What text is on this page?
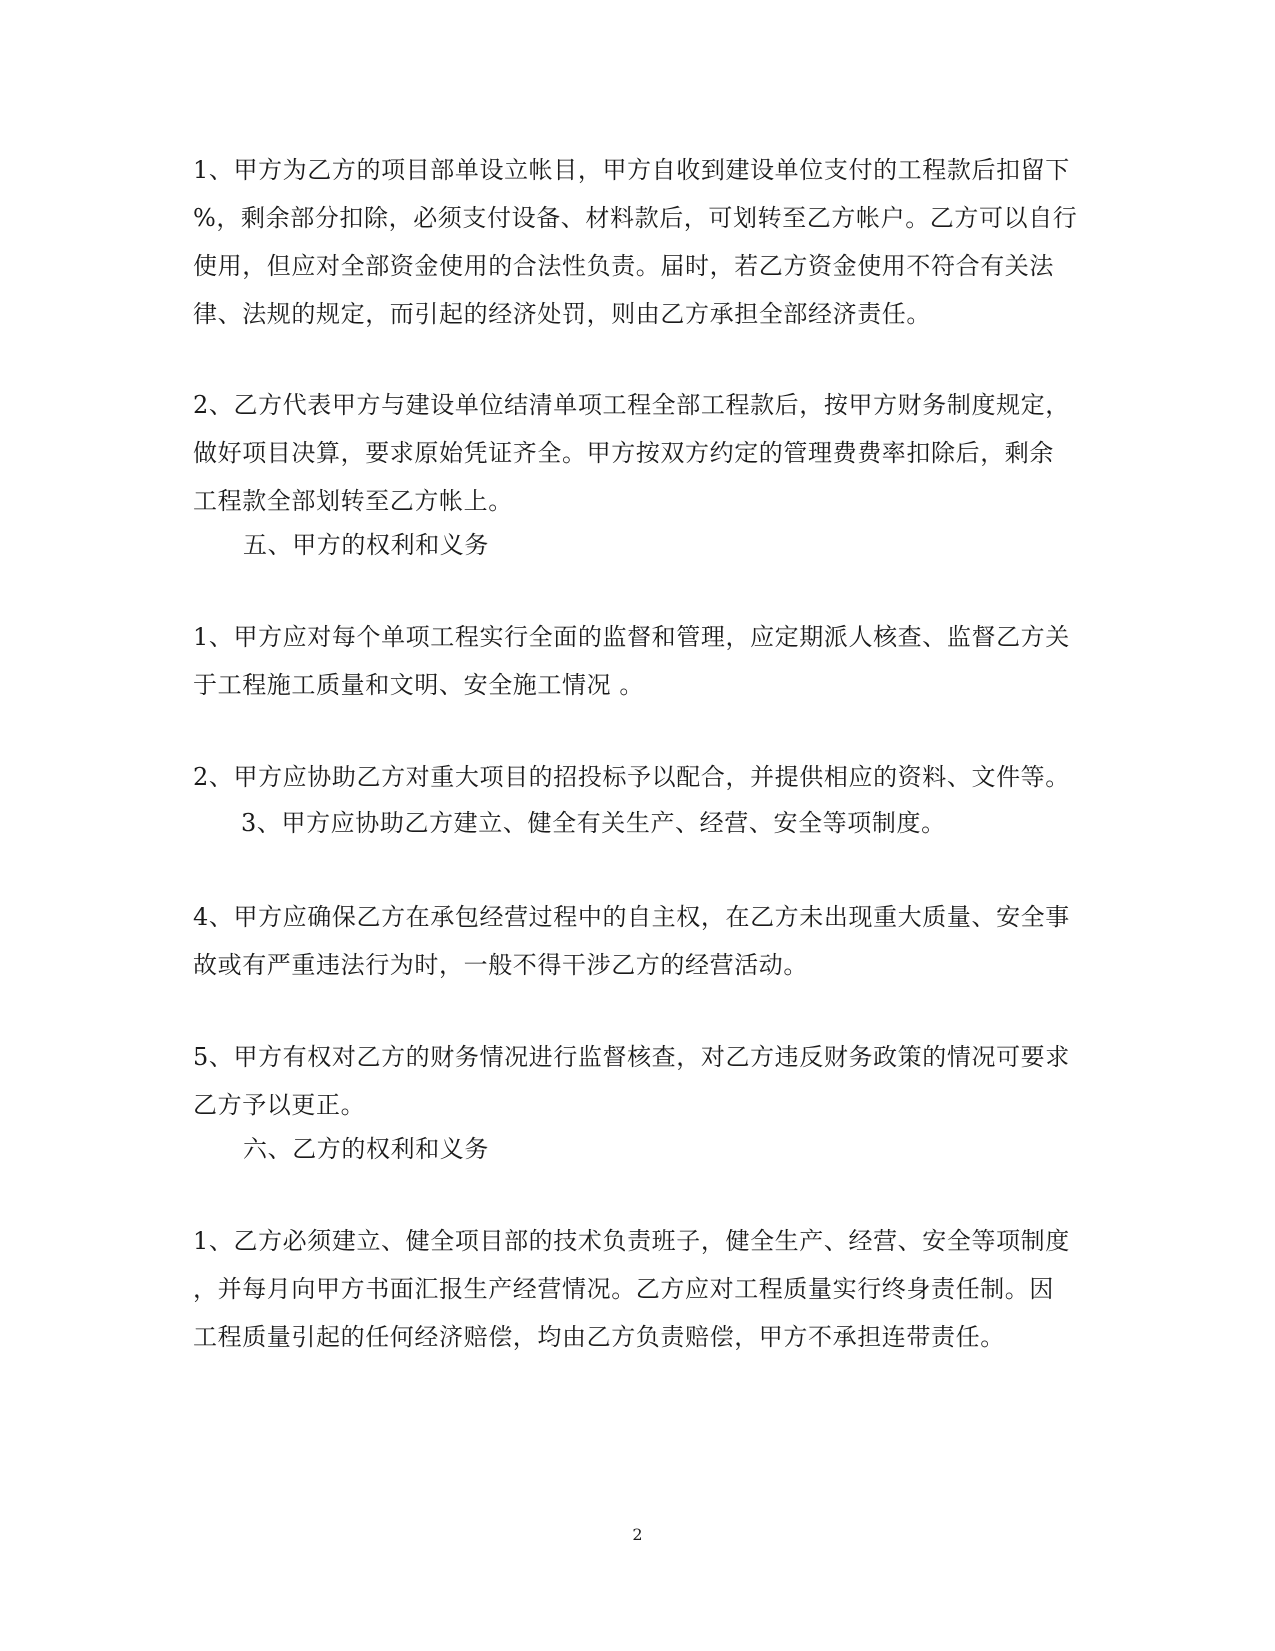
1、甲方为乙方的项目部单设立帐目，甲方自收到建设单位支付的工程款后扣留下
%，剩余部分扣除，必须支付设备、材料款后，可划转至乙方帐户。乙方可以自行
使用，但应对全部资金使用的合法性负责。届时，若乙方资金使用不符合有关法
律、法规的规定，而引起的经济处罚，则由乙方承担全部经济责任。
2、乙方代表甲方与建设单位结清单项工程全部工程款后，按甲方财务制度规定，
做好项目决算，要求原始凭证齐全。甲方按双方约定的管理费费率扣除后，剩余
工程款全部划转至乙方帐上。
五、甲方的权利和义务
1、甲方应对每个单项工程实行全面的监督和管理，应定期派人核查、监督乙方关
于工程施工质量和文明、安全施工情况 。
2、甲方应协助乙方对重大项目的招投标予以配合，并提供相应的资料、文件等。
3、甲方应协助乙方建立、健全有关生产、经营、安全等项制度。
4、甲方应确保乙方在承包经营过程中的自主权，在乙方未出现重大质量、安全事
故或有严重违法行为时，一般不得干涉乙方的经营活动。
5、甲方有权对乙方的财务情况进行监督核查，对乙方违反财务政策的情况可要求
乙方予以更正。
六、乙方的权利和义务
1、乙方必须建立、健全项目部的技术负责班子，健全生产、经营、安全等项制度
，并每月向甲方书面汇报生产经营情况。乙方应对工程质量实行终身责任制。因
工程质量引起的任何经济赔偿，均由乙方负责赔偿，甲方不承担连带责任。
2
